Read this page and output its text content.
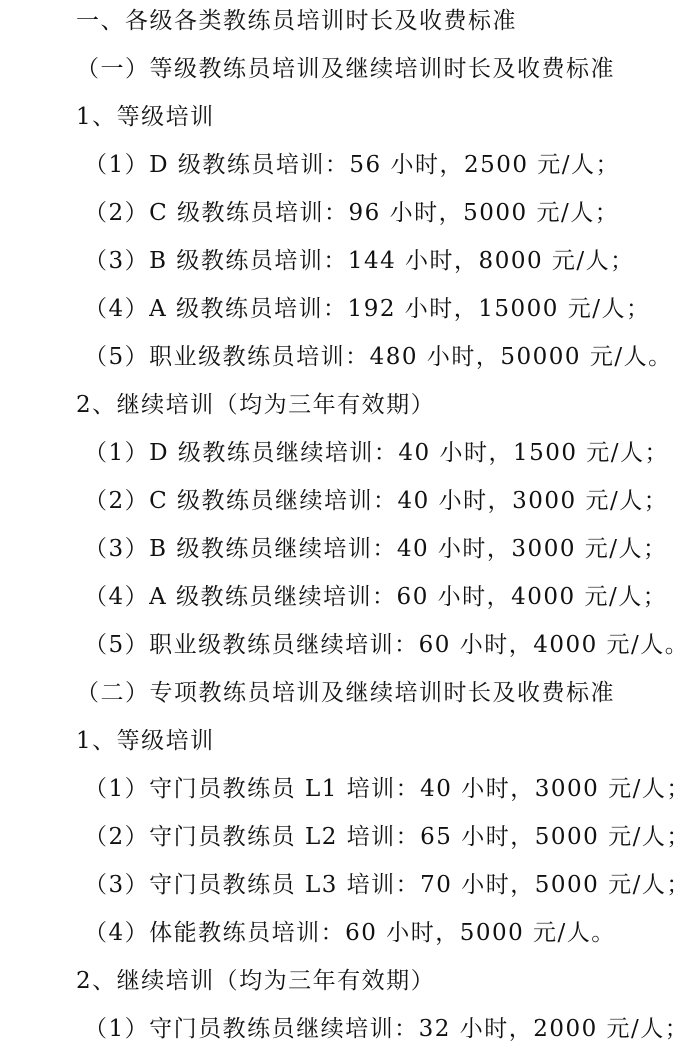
一、各级各类教练员培训时长及收费标准
（一）等级教练员培训及继续培训时长及收费标准
1、等级培训
（1）D 级教练员培训：56 小时，2500 元/人；
（2）C 级教练员培训：96 小时，5000 元/人；
（3）B 级教练员培训：144 小时，8000 元/人；
（4）A 级教练员培训：192 小时，15000 元/人；
（5）职业级教练员培训：480 小时，50000 元/人。
2、继续培训（均为三年有效期）
（1）D 级教练员继续培训：40 小时，1500 元/人；
（2）C 级教练员继续培训：40 小时，3000 元/人；
（3）B 级教练员继续培训：40 小时，3000 元/人；
（4）A 级教练员继续培训：60 小时，4000 元/人；
（5）职业级教练员继续培训：60 小时，4000 元/人。
（二）专项教练员培训及继续培训时长及收费标准
1、等级培训
（1）守门员教练员 L1 培训：40 小时，3000 元/人；
（2）守门员教练员 L2 培训：65 小时，5000 元/人；
（3）守门员教练员 L3 培训：70 小时，5000 元/人；
（4）体能教练员培训：60 小时，5000 元/人。
2、继续培训（均为三年有效期）
（1）守门员教练员继续培训：32 小时，2000 元/人；
